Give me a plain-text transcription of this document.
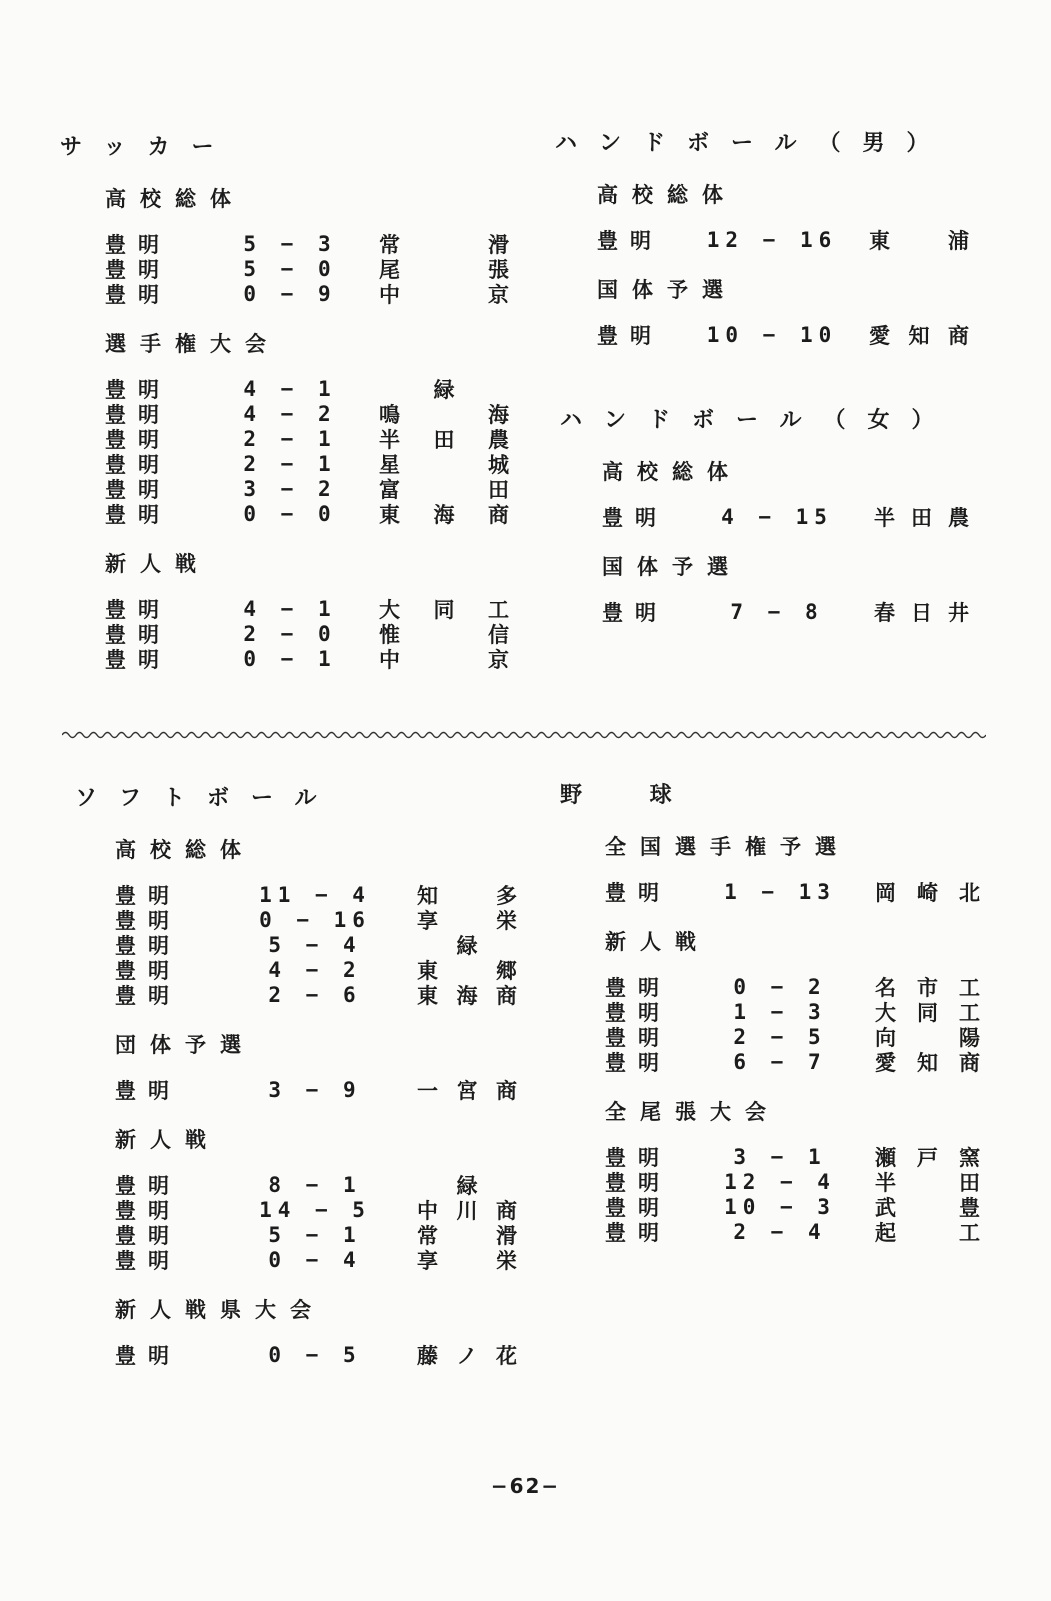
サッカー
高校総体
豊明	5 − 3	常	滑
豊明	5 − 0	尾	張
豊明	0 − 9	中	京
選手権大会
豊明	4 − 1	緑
豊明	4 − 2	鳴	海
豊明	2 − 1	半 田 農
豊明	2 − 1	星	城
豊明	3 − 2	富	田
豊明	0 − 0	東 海 商
新人戦
豊明	4 − 1	大 同 工
豊明	2 − 0	惟	信
豊明	0 − 1	中	京
ハンドボール（男）
高校総体
豊明	12 − 16	東	浦
国体予選
豊明	10 − 10	愛 知 商
ハンドボール（女）
高校総体
豊明	4 − 15	半 田 農
国体予選
豊明	7 − 8	春 日 井
ソフトボール
高校総体
豊明	11 − 4	知	多
豊明	0 − 16	享	栄
豊明	5 − 4	緑
豊明	4 − 2	東	郷
豊明	2 − 6	東 海 商
団体予選
豊明	3 − 9	一 宮 商
新人戦
豊明	8 − 1	緑
豊明	14 − 5	中 川 商
豊明	5 − 1	常	滑
豊明	0 − 4	享	栄
新人戦県大会
豊明	0 − 5	藤 ノ 花
野 球
全国選手権予選
豊明	1 − 13	岡 崎 北
新人戦
豊明	0 − 2	名 市 工
豊明	1 − 3	大 同 工
豊明	2 − 5	向	陽
豊明	6 − 7	愛 知 商
全尾張大会
豊明	3 − 1	瀬 戸 窯
豊明	12 − 4	半	田
豊明	10 − 3	武	豊
豊明	2 − 4	起	工
−62−
